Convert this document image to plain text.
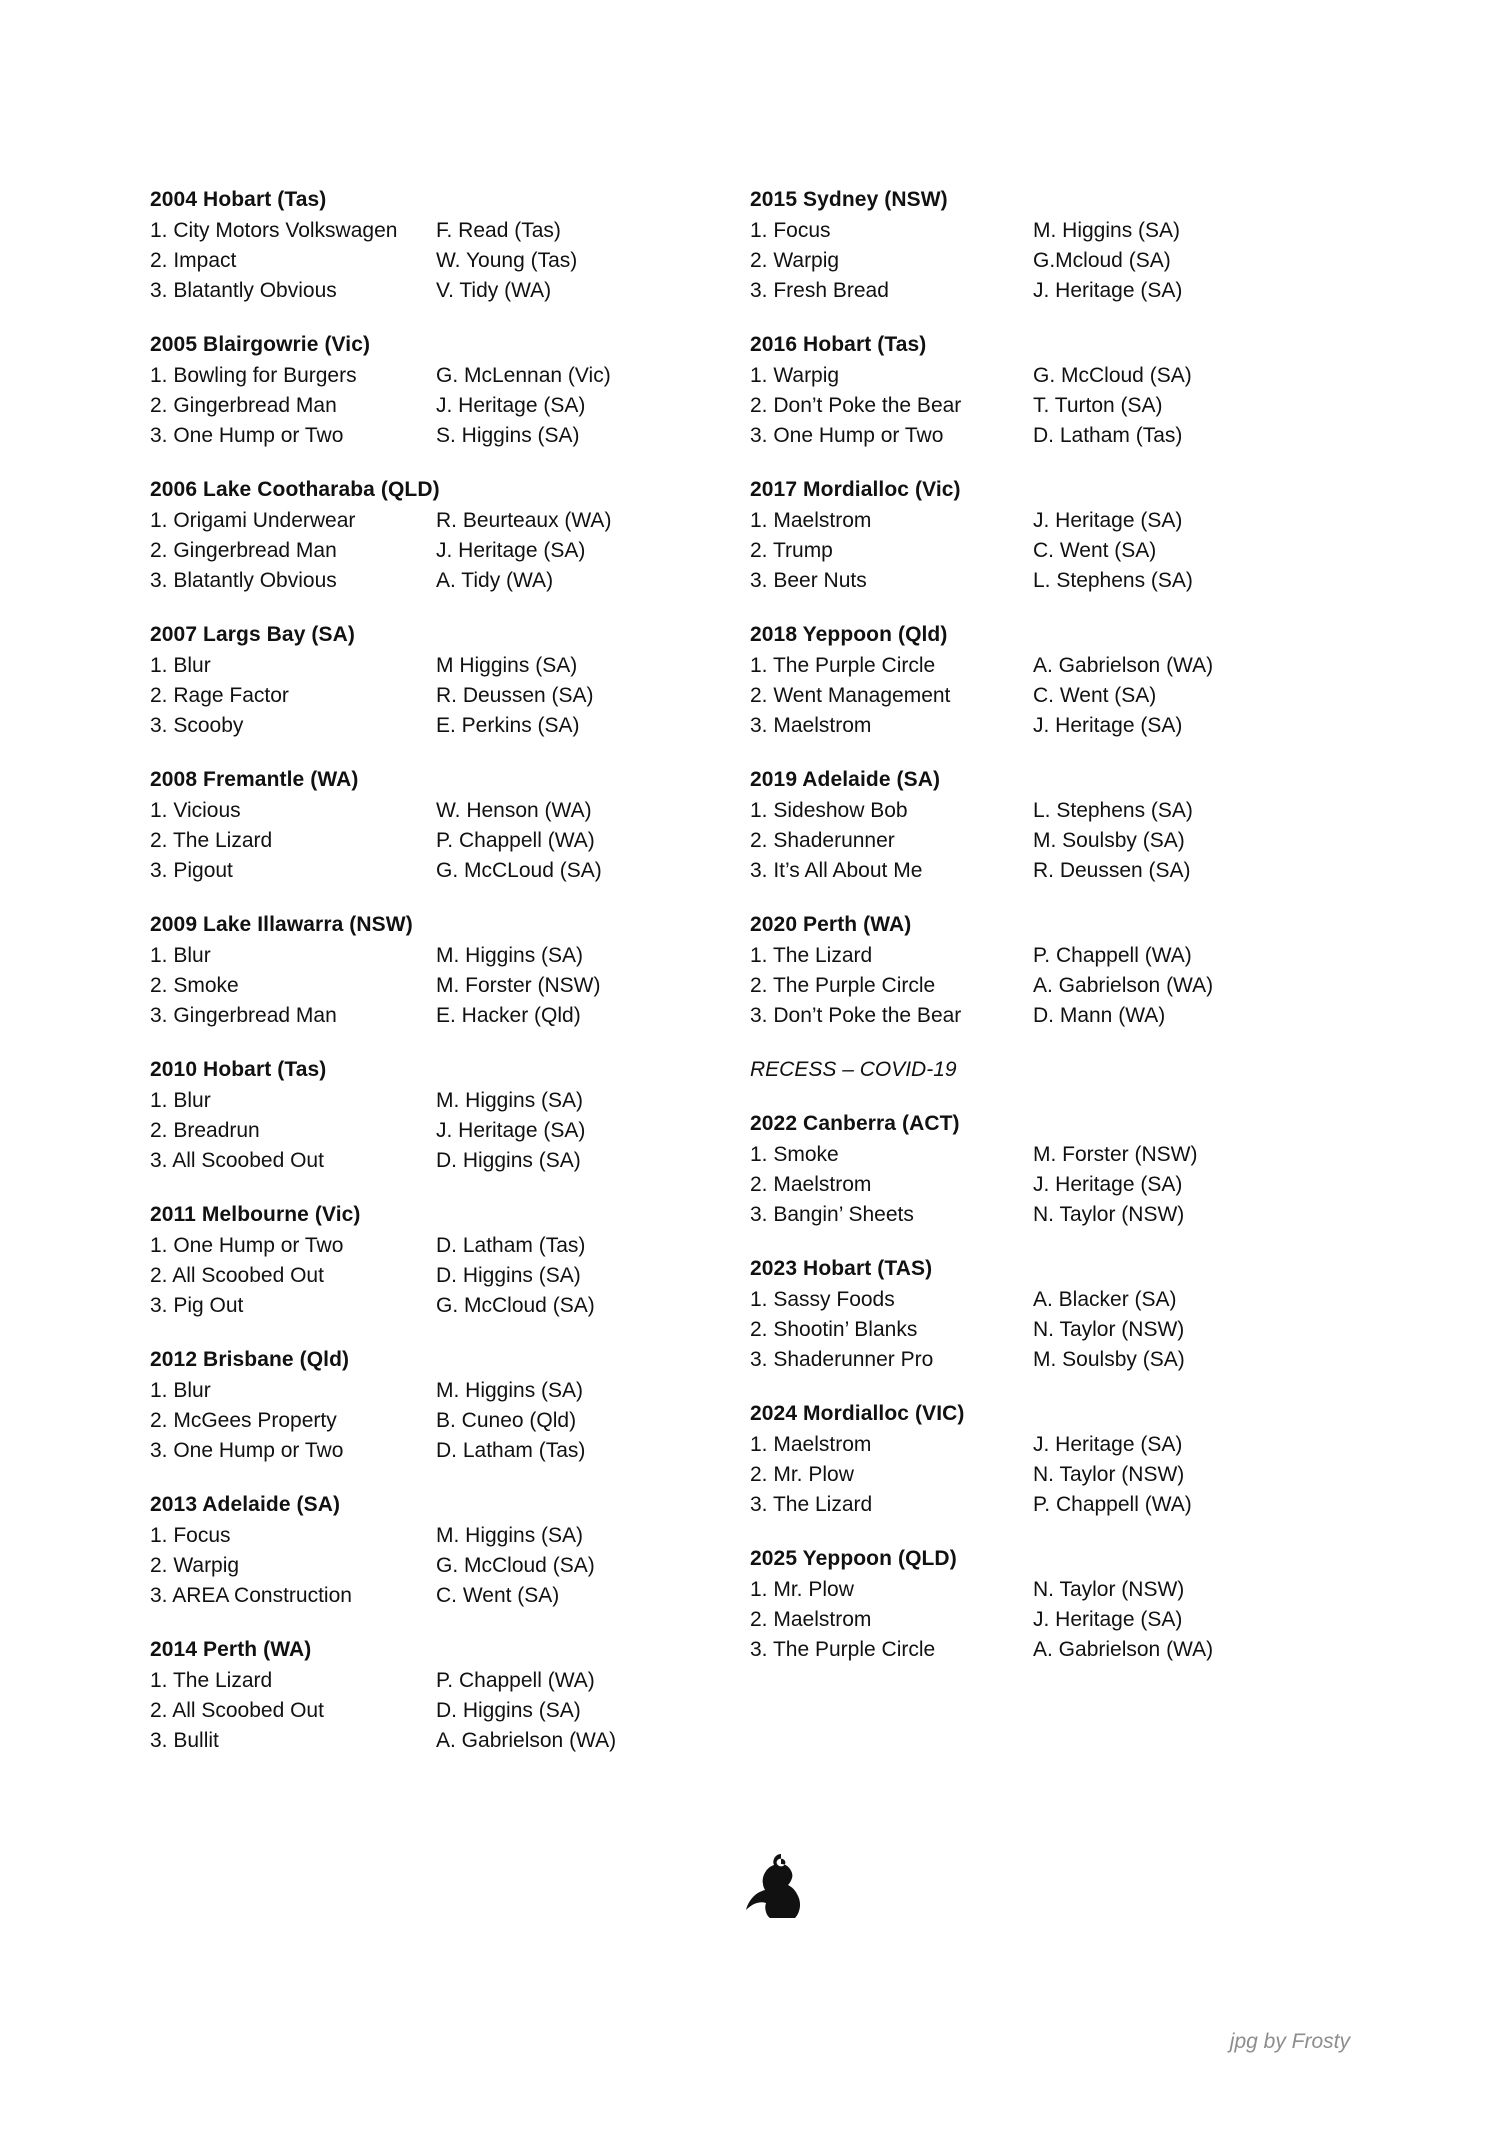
2004 Hobart (Tas)
1. City Motors Volkswagen	F. Read (Tas)
2. Impact	W. Young (Tas)
3. Blatantly Obvious	V. Tidy (WA)
2005 Blairgowrie (Vic)
1. Bowling for Burgers	G. McLennan (Vic)
2. Gingerbread Man	J. Heritage (SA)
3. One Hump or Two	S. Higgins (SA)
2006 Lake Cootharaba (QLD)
1. Origami Underwear	R. Beurteaux (WA)
2. Gingerbread Man	J. Heritage (SA)
3. Blatantly Obvious	A. Tidy (WA)
2007 Largs Bay (SA)
1. Blur	M Higgins (SA)
2. Rage Factor	R. Deussen (SA)
3. Scooby	E. Perkins (SA)
2008 Fremantle (WA)
1. Vicious	W. Henson (WA)
2. The Lizard	P. Chappell (WA)
3. Pigout	G. McCLoud (SA)
2009 Lake Illawarra (NSW)
1. Blur	M. Higgins (SA)
2. Smoke	M. Forster (NSW)
3. Gingerbread Man	E. Hacker (Qld)
2010 Hobart (Tas)
1. Blur	M. Higgins (SA)
2. Breadrun	J. Heritage (SA)
3. All Scoobed Out	D. Higgins (SA)
2011 Melbourne (Vic)
1. One Hump or Two	D. Latham (Tas)
2. All Scoobed Out	D. Higgins (SA)
3. Pig Out	G. McCloud (SA)
2012 Brisbane (Qld)
1. Blur	M. Higgins (SA)
2. McGees Property	B. Cuneo (Qld)
3. One Hump or Two	D. Latham (Tas)
2013 Adelaide (SA)
1. Focus	M. Higgins (SA)
2. Warpig	G. McCloud (SA)
3. AREA Construction	C. Went (SA)
2014 Perth (WA)
1. The Lizard	P. Chappell (WA)
2. All Scoobed Out	D. Higgins (SA)
3. Bullit	A. Gabrielson (WA)
2015 Sydney (NSW)
1. Focus	M. Higgins (SA)
2. Warpig	G.Mcloud (SA)
3. Fresh Bread	J. Heritage (SA)
2016 Hobart (Tas)
1. Warpig	G. McCloud (SA)
2. Don’t Poke the Bear	T. Turton (SA)
3. One Hump or Two	D. Latham (Tas)
2017 Mordialloc (Vic)
1. Maelstrom	J. Heritage (SA)
2. Trump	C. Went (SA)
3. Beer Nuts	L. Stephens (SA)
2018 Yeppoon (Qld)
1. The Purple Circle	A. Gabrielson (WA)
2. Went Management	C. Went (SA)
3. Maelstrom	J. Heritage (SA)
2019 Adelaide (SA)
1. Sideshow Bob	L. Stephens (SA)
2. Shaderunner	M. Soulsby (SA)
3. It’s All About Me	R. Deussen (SA)
2020 Perth (WA)
1. The Lizard	P. Chappell (WA)
2. The Purple Circle	A. Gabrielson (WA)
3. Don’t Poke the Bear	D. Mann (WA)
RECESS – COVID-19
2022 Canberra (ACT)
1. Smoke	M. Forster (NSW)
2. Maelstrom	J. Heritage (SA)
3. Bangin’ Sheets	N. Taylor (NSW)
2023 Hobart (TAS)
1. Sassy Foods	A. Blacker (SA)
2. Shootin’ Blanks	N. Taylor (NSW)
3. Shaderunner Pro	M. Soulsby (SA)
2024 Mordialloc (VIC)
1. Maelstrom	J. Heritage (SA)
2. Mr. Plow	N. Taylor (NSW)
3. The Lizard	P. Chappell (WA)
2025 Yeppoon (QLD)
1. Mr. Plow	N. Taylor (NSW)
2. Maelstrom	J. Heritage (SA)
3. The Purple Circle	A. Gabrielson (WA)
jpg by Frosty
